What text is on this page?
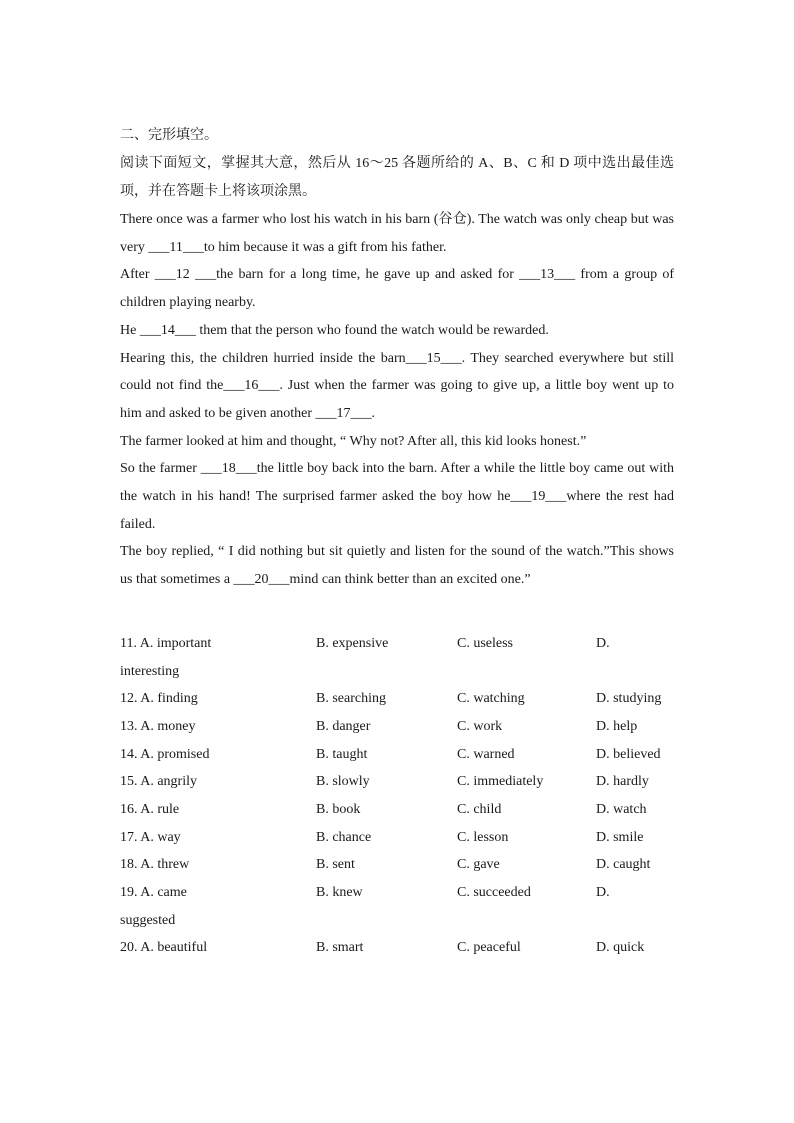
二、完形填空。

阅读下面短文，掌握其大意，然后从 16～25 各题所给的 A、B、C 和 D 项中选出最佳选项，并在答题卡上将该项涂黑。

There once was a farmer who lost his watch in his barn (谷仓). The watch was only cheap but was very ___11___to him because it was a gift from his father.

After ___12 ___the barn for a long time, he gave up and asked for ___13___ from a group of children playing nearby.

He ___14___ them that the person who found the watch would be rewarded.

Hearing this, the children hurried inside the barn___15___. They searched everywhere but still could not find the___16___. Just when the farmer was going to give up, a little boy went up to him and asked to be given another ___17___.

The farmer looked at him and thought, “ Why not? After all, this kid looks honest.”

So the farmer ___18___the little boy back into the barn. After a while the little boy came out with the watch in his hand! The surprised farmer asked the boy how he___19___where the rest had failed.

The boy replied, “ I did nothing but sit quietly and listen for the sound of the watch.”This shows us that sometimes a ___20___mind can think better than an excited one.”

11. A. important	B. expensive	C. useless	D.
interesting
12. A. finding	B. searching	C. watching	D. studying
13. A. money	B. danger	C. work	D. help
14. A. promised	B. taught	C. warned	D. believed
15. A. angrily	B. slowly	C. immediately	D. hardly
16. A. rule	B. book	C. child	D. watch
17. A. way	B. chance	C. lesson	D. smile
18. A. threw	B. sent	C. gave	D. caught
19. A. came	B. knew	C. succeeded	D.
suggested
20. A. beautiful	B. smart	C. peaceful	D. quick
